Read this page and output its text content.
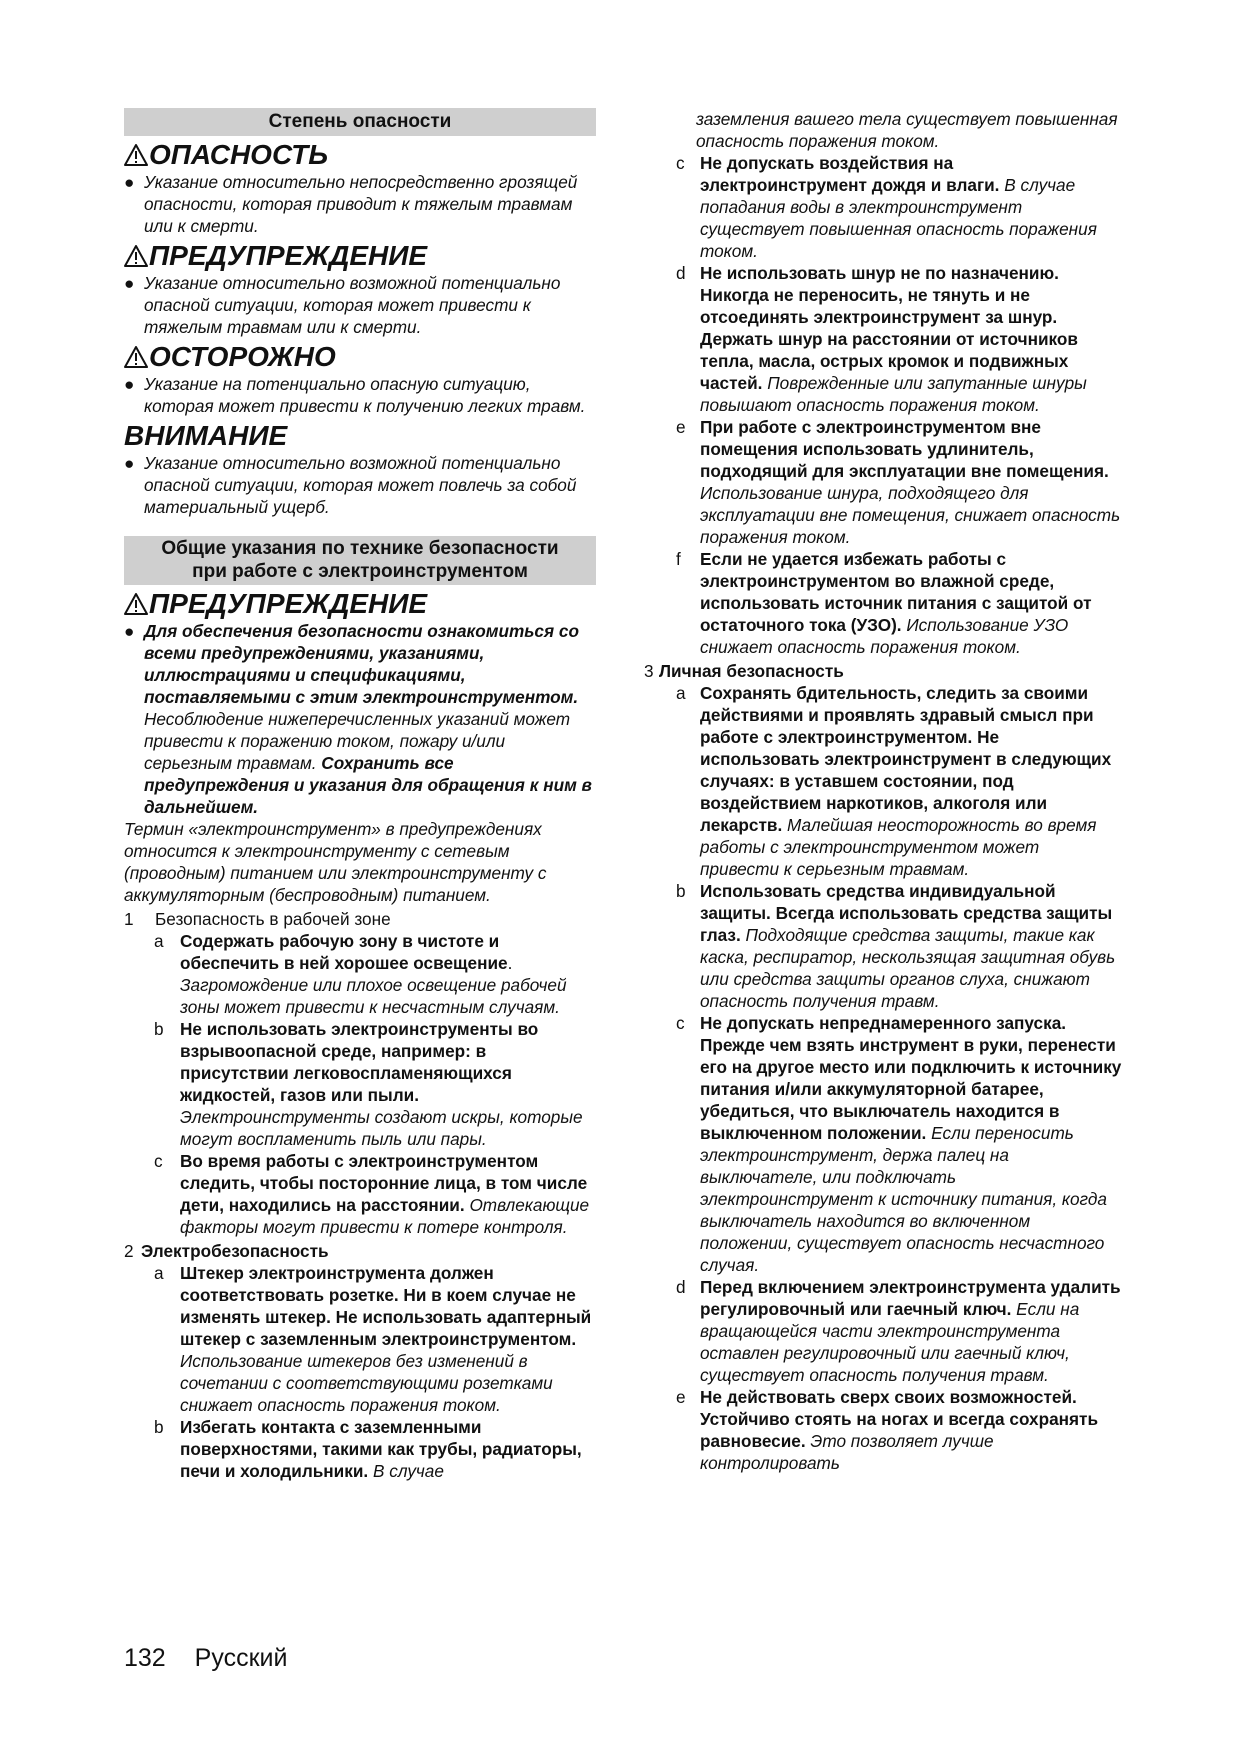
Степень опасности
ОПАСНОСТЬ
● Указание относительно непосредственно грозящей опасности, которая приводит к тяжелым травмам или к смерти.
ПРЕДУПРЕЖДЕНИЕ
● Указание относительно возможной потенциально опасной ситуации, которая может привести к тяжелым травмам или к смерти.
ОСТОРОЖНО
● Указание на потенциально опасную ситуацию, которая может привести к получению легких травм.
ВНИМАНИЕ
● Указание относительно возможной потенциально опасной ситуации, которая может повлечь за собой материальный ущерб.
Общие указания по технике безопасности
при работе с электроинструментом
ПРЕДУПРЕЖДЕНИЕ
● Для обеспечения безопасности ознакомиться со всеми предупреждениями, указаниями, иллюстрациями и спецификациями, поставляемыми с этим электроинструментом.
Несоблюдение нижеперечисленных указаний может привести к поражению током, пожару и/или серьезным травмам. Сохранить все предупреждения и указания для обращения к ним в дальнейшем.
Термин «электроинструмент» в предупреждениях относится к электроинструменту с сетевым (проводным) питанием или электроинструменту с аккумуляторным (беспроводным) питанием.
1 Безопасность в рабочей зоне
a Содержать рабочую зону в чистоте и обеспечить в ней хорошее освещение. Загромождение или плохое освещение рабочей зоны может привести к несчастным случаям.
b Не использовать электроинструменты во взрывоопасной среде, например: в присутствии легковоспламеняющихся жидкостей, газов или пыли. Электроинструменты создают искры, которые могут воспламенить пыль или пары.
c Во время работы с электроинструментом следить, чтобы посторонние лица, в том числе дети, находились на расстоянии. Отвлекающие факторы могут привести к потере контроля.
2 Электробезопасность
a Штекер электроинструмента должен соответствовать розетке. Ни в коем случае не изменять штекер. Не использовать адаптерный штекер с заземленным электроинструментом. Использование штекеров без изменений в сочетании с соответствующими розетками снижает опасность поражения током.
b Избегать контакта с заземленными поверхностями, такими как трубы, радиаторы, печи и холодильники. В случае
заземления вашего тела существует повышенная опасность поражения током.
c Не допускать воздействия на электроинструмент дождя и влаги. В случае попадания воды в электроинструмент существует повышенная опасность поражения током.
d Не использовать шнур не по назначению. Никогда не переносить, не тянуть и не отсоединять электроинструмент за шнур. Держать шнур на расстоянии от источников тепла, масла, острых кромок и подвижных частей. Поврежденные или запутанные шнуры повышают опасность поражения током.
e При работе с электроинструментом вне помещения использовать удлинитель, подходящий для эксплуатации вне помещения. Использование шнура, подходящего для эксплуатации вне помещения, снижает опасность поражения током.
f Если не удается избежать работы с электроинструментом во влажной среде, использовать источник питания с защитой от остаточного тока (УЗО). Использование УЗО снижает опасность поражения током.
3 Личная безопасность
a Сохранять бдительность, следить за своими действиями и проявлять здравый смысл при работе с электроинструментом. Не использовать электроинструмент в следующих случаях: в уставшем состоянии, под воздействием наркотиков, алкоголя или лекарств. Малейшая неосторожность во время работы с электроинструментом может привести к серьезным травмам.
b Использовать средства индивидуальной защиты. Всегда использовать средства защиты глаз. Подходящие средства защиты, такие как каска, респиратор, нескользящая защитная обувь или средства защиты органов слуха, снижают опасность получения травм.
c Не допускать непреднамеренного запуска. Прежде чем взять инструмент в руки, перенести его на другое место или подключить к источнику питания и/или аккумуляторной батарее, убедиться, что выключатель находится в выключенном положении. Если переносить электроинструмент, держа палец на выключателе, или подключать электроинструмент к источнику питания, когда выключатель находится во включенном положении, существует опасность несчастного случая.
d Перед включением электроинструмента удалить регулировочный или гаечный ключ. Если на вращающейся части электроинструмента оставлен регулировочный или гаечный ключ, существует опасность получения травм.
e Не действовать сверх своих возможностей. Устойчиво стоять на ногах и всегда сохранять равновесие. Это позволяет лучше контролировать
132 Русский
